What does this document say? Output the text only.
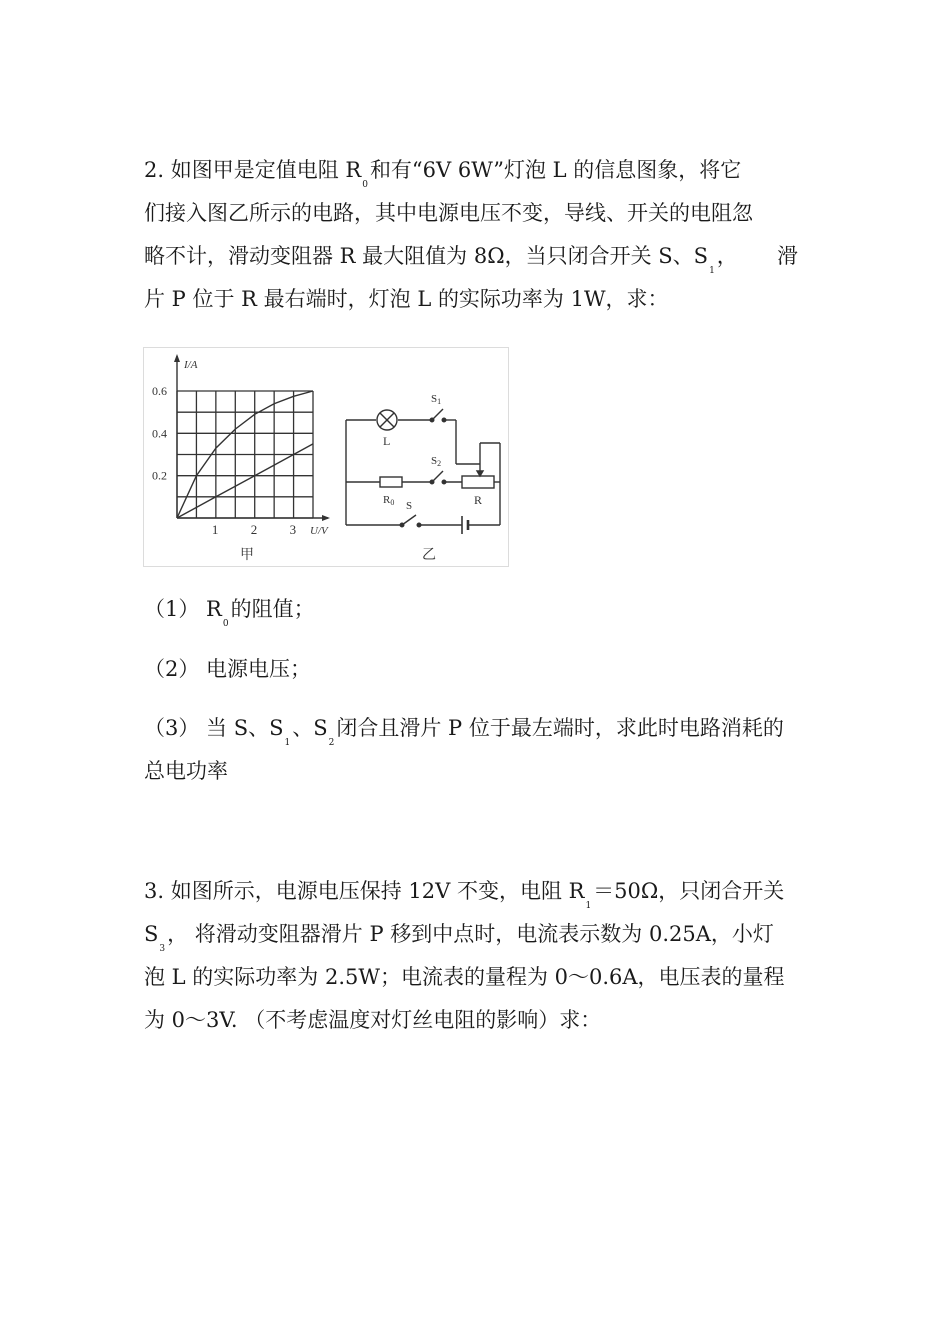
2. 如图甲是定值电阻 $R_0$和有“6V 6W”灯泡 L 的信息图象，将它

们接入图乙所示的电路，其中电源电压不变，导线、开关的电阻忽

略不计，滑动变阻器 R 最大阻值为 8Ω，当只闭合开关 S、$S_1$， 滑

片 P 位于 R 最右端时，灯泡 L 的实际功率为 1W，求：

1 2 3
0.2
0.4
0.6
I/A
U/V
甲
L
R0	R
S1
S2
S
乙

（1） $R_0$的阻值；

（2） 电源电压；

（3） 当 S、$S_1$、$S_2$闭合且滑片 P 位于最左端时，求此时电路消耗的

总电功率

3. 如图所示，电源电压保持 12V 不变，电阻 $R_1=50\Omega$，只闭合开关

$S_3$， 将滑动变阻器滑片 P 移到中点时，电流表示数为 0.25A，小灯

泡 L 的实际功率为 2.5W；电流表的量程为 0～0.6A，电压表的量程

为 0～3V. （不考虑温度对灯丝电阻的影响）求：
